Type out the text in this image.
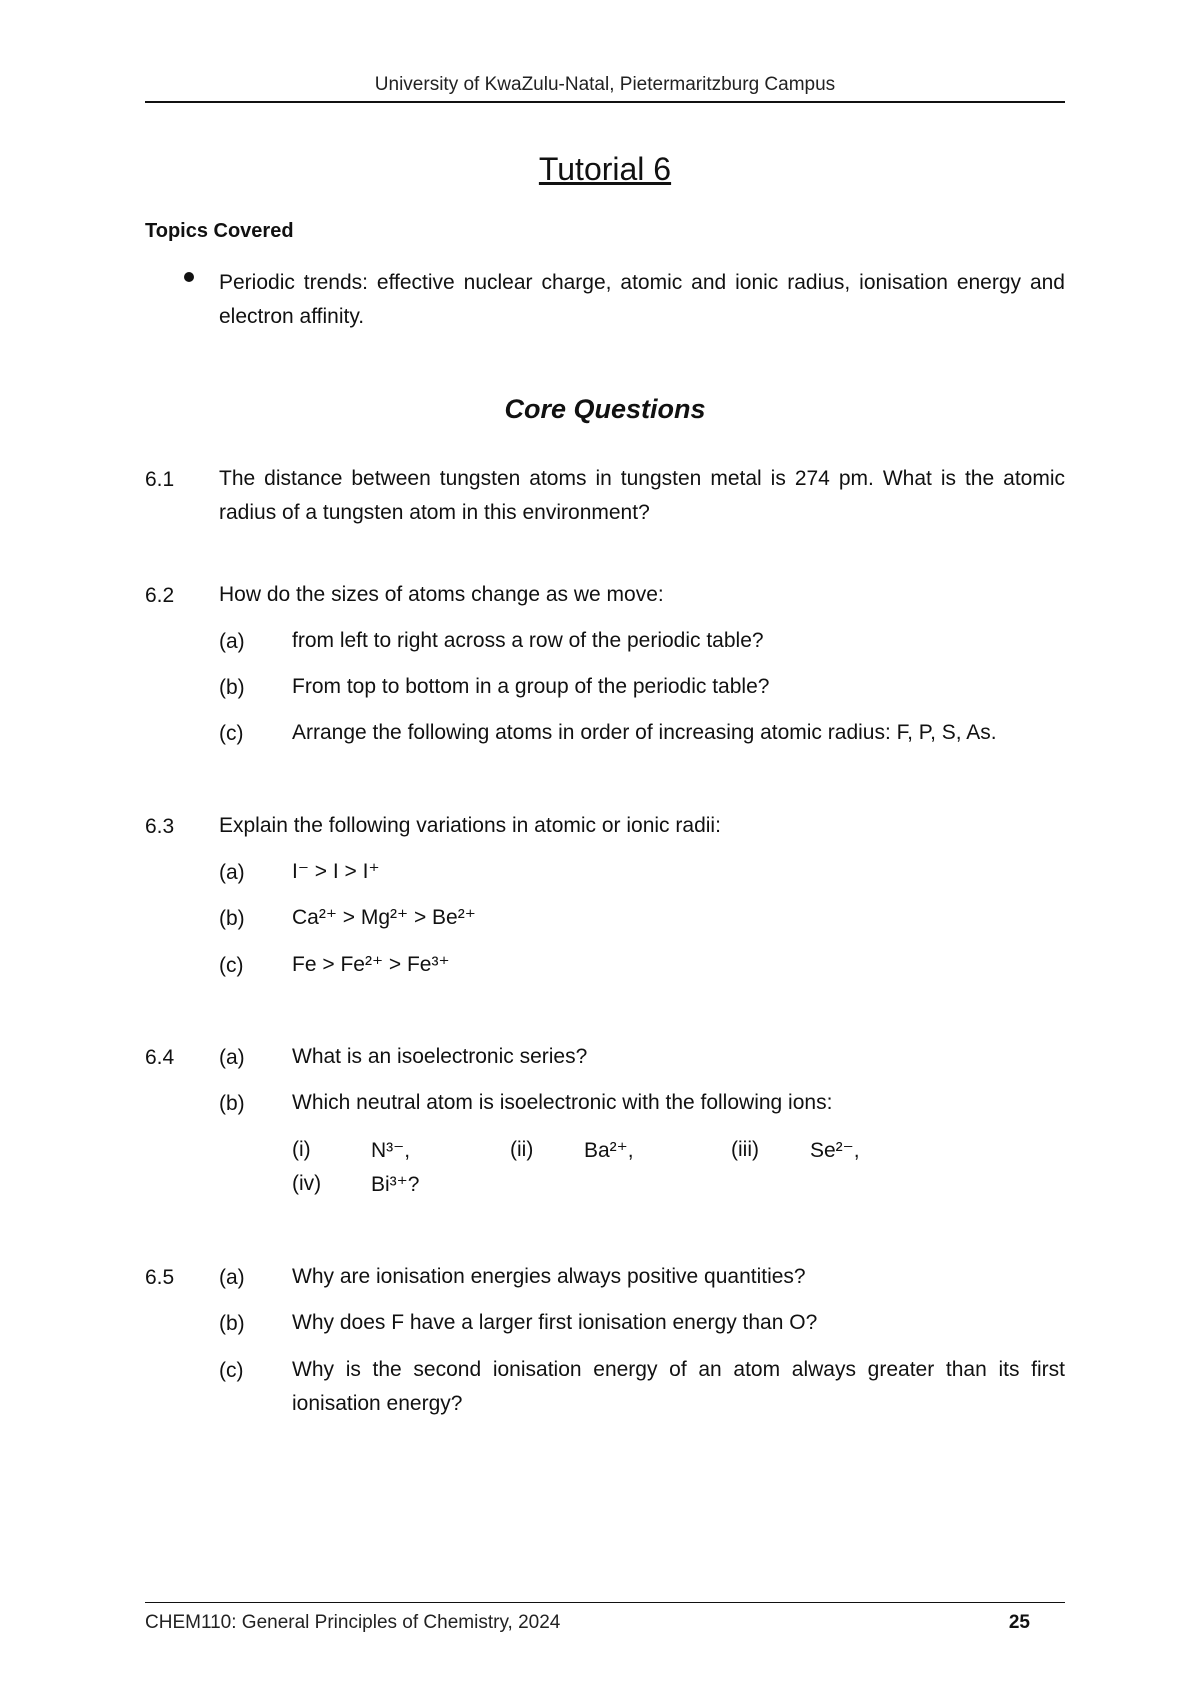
University of KwaZulu-Natal, Pietermaritzburg Campus
Tutorial 6
Topics Covered
Periodic trends: effective nuclear charge, atomic and ionic radius, ionisation energy and electron affinity.
Core Questions
6.1 The distance between tungsten atoms in tungsten metal is 274 pm. What is the atomic radius of a tungsten atom in this environment?
6.2 How do the sizes of atoms change as we move:
(a) from left to right across a row of the periodic table?
(b) From top to bottom in a group of the periodic table?
(c) Arrange the following atoms in order of increasing atomic radius: F, P, S, As.
6.3 Explain the following variations in atomic or ionic radii:
(a) I⁻ > I > I⁺
(b) Ca²⁺ > Mg²⁺ > Be²⁺
(c) Fe > Fe²⁺ > Fe³⁺
6.4 (a) What is an isoelectronic series?
(b) Which neutral atom is isoelectronic with the following ions:
(i)	N³⁻,	(ii) Ba²⁺,	(iii) Se²⁻,
(iv) Bi³⁺?
6.5 (a) Why are ionisation energies always positive quantities?
(b) Why does F have a larger first ionisation energy than O?
(c) Why is the second ionisation energy of an atom always greater than its first ionisation energy?
CHEM110: General Principles of Chemistry, 2024	25
